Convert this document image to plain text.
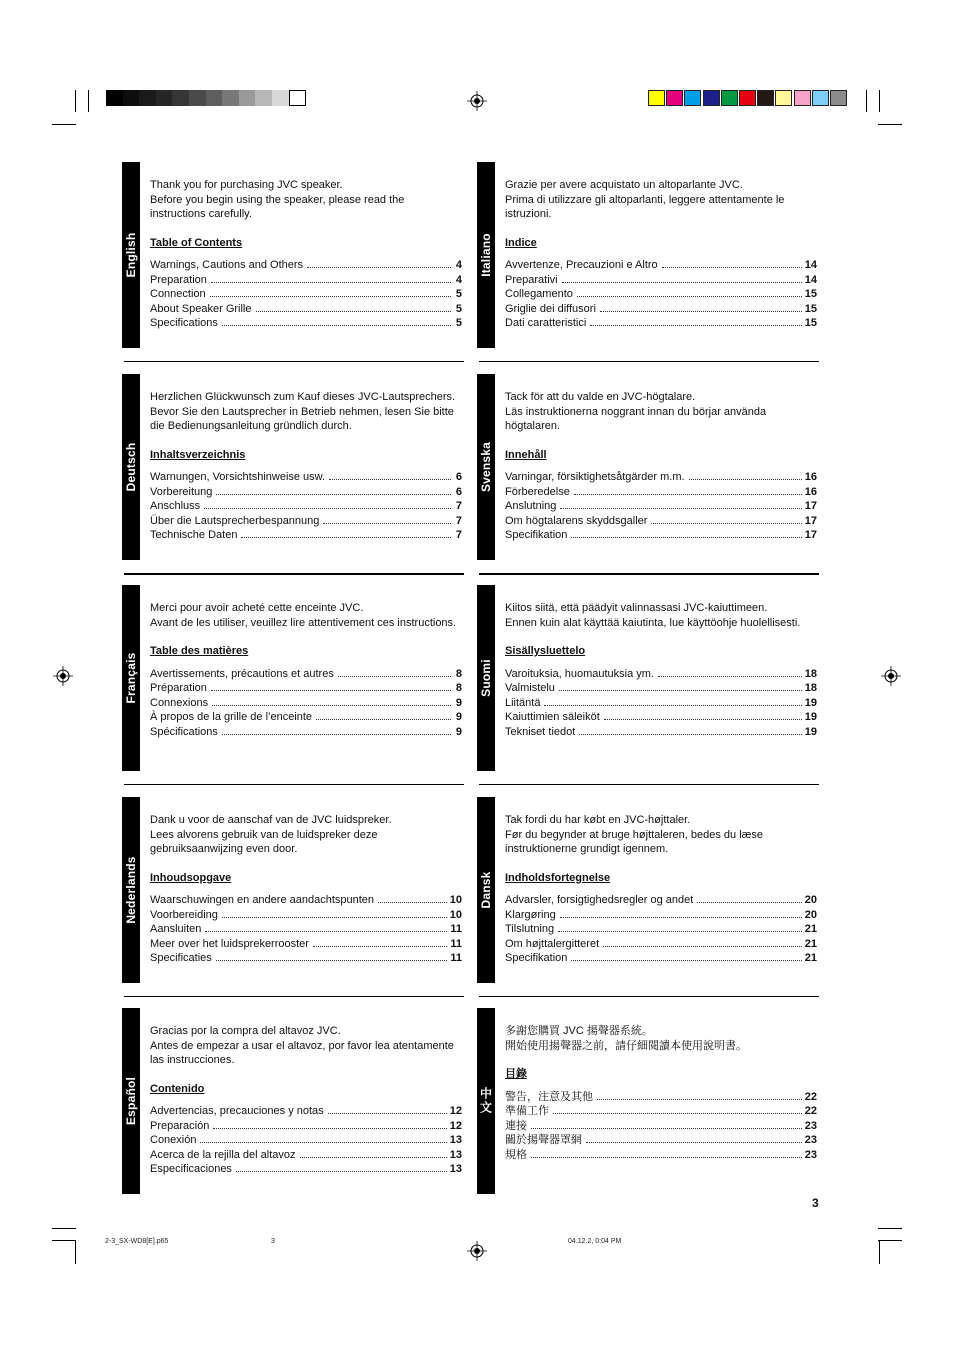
English

Thank you for purchasing JVC speaker.
Before you begin using the speaker, please read the instructions carefully.

Table of Contents
Warnings, Cautions and Others	4
Preparation	4
Connection	5
About Speaker Grille	5
Specifications	5
Italiano

Grazie per avere acquistato un altoparlante JVC.
Prima di utilizzare gli altoparlanti, leggere attentamente le istruzioni.

Indice
Avvertenze, Precauzioni e Altro	14
Preparativi	14
Collegamento	15
Griglie dei diffusori	15
Dati caratteristici	15
Deutsch

Herzlichen Glückwunsch zum Kauf dieses JVC-Lautsprechers.
Bevor Sie den Lautsprecher in Betrieb nehmen, lesen Sie bitte die Bedienungsanleitung gründlich durch.

Inhaltsverzeichnis
Warnungen, Vorsichtshinweise usw.	6
Vorbereitung	6
Anschluss	7
Über die Lautsprecherbespannung	7
Technische Daten	7
Svenska

Tack för att du valde en JVC-högtalare.
Läs instruktionerna noggrant innan du börjar använda högtalaren.

Innehåll
Varningar, försiktighetsåtgärder m.m.	16
Förberedelse	16
Anslutning	17
Om högtalarens skyddsgaller	17
Specifikation	17
Français

Merci pour avoir acheté cette enceinte JVC.
Avant de les utiliser, veuillez lire attentivement ces instructions.

Table des matières
Avertissements, précautions et autres	8
Préparation	8
Connexions	9
À propos de la grille de l’enceinte	9
Spécifications	9
Suomi

Kiitos siitä, että päädyit valinnassasi JVC-kaiuttimeen.
Ennen kuin alat käyttää kaiutinta, lue käyttöohje huolellisesti.

Sisällysluettelo
Varoituksia, huomautuksia ym.	18
Valmistelu	18
Liitäntä	19
Kaiuttimien säleiköt	19
Tekniset tiedot	19
Nederlands

Dank u voor de aanschaf van de JVC luidspreker.
Lees alvorens gebruik van de luidspreker deze gebruiksaanwijzing even door.

Inhoudsopgave
Waarschuwingen en andere aandachtspunten	10
Voorbereiding	10
Aansluiten	11
Meer over het luidsprekerrooster	11
Specificaties	11
Dansk

Tak fordi du har købt en JVC-højttaler.
Før du begynder at bruge højttaleren, bedes du læse instruktionerne grundigt igennem.

Indholdsfortegnelse
Advarsler, forsigtighedsregler og andet	20
Klargøring	20
Tilslutning	21
Om højttalergitteret	21
Specifikation	21
Español

Gracias por la compra del altavoz JVC.
Antes de empezar a usar el altavoz, por favor lea atentamente las instrucciones.

Contenido
Advertencias, precauciones y notas	12
Preparación	12
Conexión	13
Acerca de la rejilla del altavoz	13
Especificaciones	13
中文

多謝您購買 JVC 揚聲器系統。
開始使用揚聲器之前，請仔細閱讀本使用說明書。

目錄
警告，注意及其他	22
準備工作	22
連接	23
關於揚聲器罩網	23
規格	23
3
2-3_SX-WD8[E].p65	3	04.12.2, 0:04 PM
